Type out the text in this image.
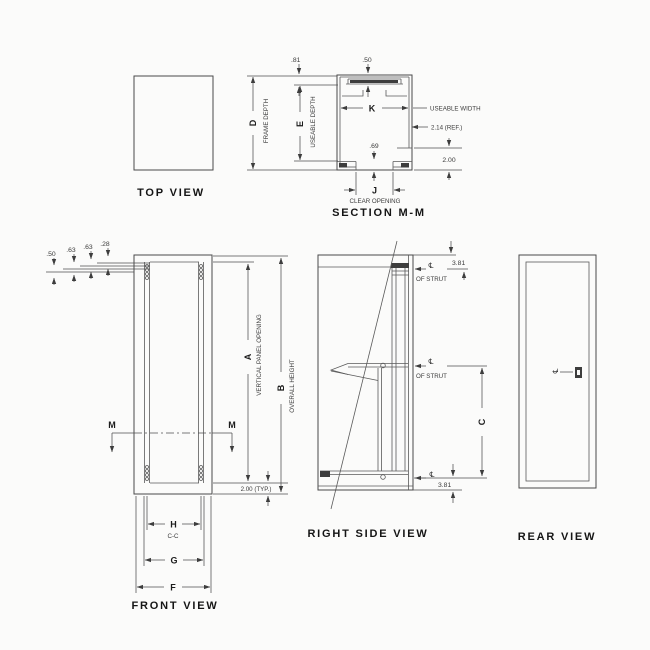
TOP VIEW
D FRAME DEPTH	E USEABLE DEPTH
.81	.50
K	USEABLE WIDTH
2.14 (REF.)
2.00
.69
J
CLEAR OPENING
SECTION M-M
.50
.63 .63 .28
A VERTICAL PANEL OPENING B OVERALL HEIGHT
M	M
2.00 (TYP.)
H
C-C
G
F
FRONT VIEW
3.81
℄
OF STRUT
℄
OF STRUT
C
℄
3.81
RIGHT SIDE VIEW
℄
REAR VIEW
